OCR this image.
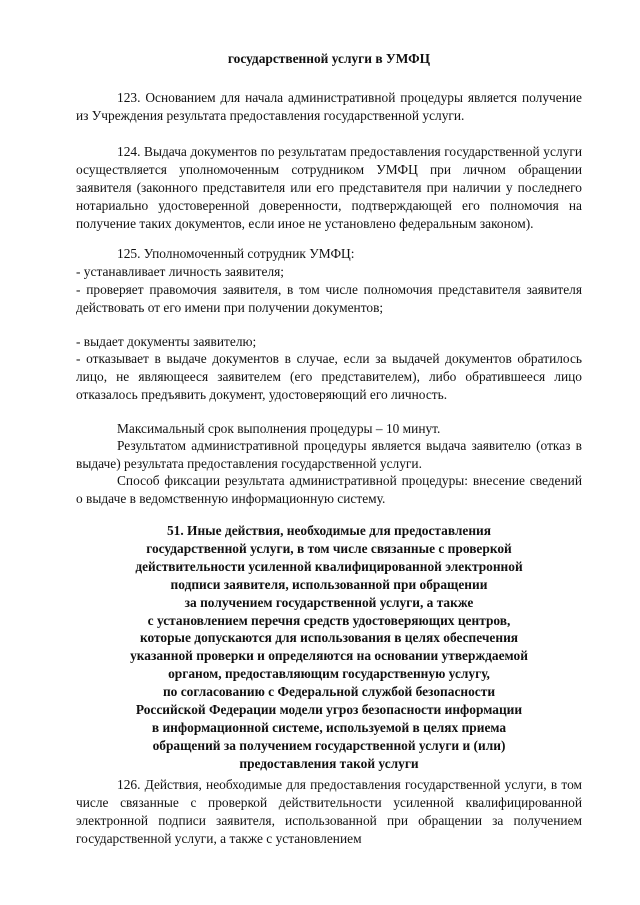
государственной услуги в УМФЦ

123. Основанием для начала административной процедуры является получение из Учреждения результата предоставления государственной услуги.

124. Выдача документов по результатам предоставления государственной услуги осуществляется уполномоченным сотрудником УМФЦ при личном обращении заявителя (законного представителя или его представителя при наличии у последнего нотариально удостоверенной доверенности, подтверждающей его полномочия на получение таких документов, если иное не установлено федеральным законом).

125. Уполномоченный сотрудник УМФЦ:

- устанавливает личность заявителя;

- проверяет правомочия заявителя, в том числе полномочия представителя заявителя действовать от его имени при получении документов;

- выдает документы заявителю;

- отказывает в выдаче документов в случае, если за выдачей документов обратилось лицо, не являющееся заявителем (его представителем), либо обратившееся лицо отказалось предъявить документ, удостоверяющий его личность.

Максимальный срок выполнения процедуры – 10 минут.

Результатом административной процедуры является выдача заявителю (отказ в выдаче) результата предоставления государственной услуги.

Способ фиксации результата административной процедуры: внесение сведений о выдаче в ведомственную информационную систему.

51. Иные действия, необходимые для предоставления
государственной услуги, в том числе связанные с проверкой
действительности усиленной квалифицированной электронной
подписи заявителя, использованной при обращении
за получением государственной услуги, а также
с установлением перечня средств удостоверяющих центров,
которые допускаются для использования в целях обеспечения
указанной проверки и определяются на основании утверждаемой
органом, предоставляющим государственную услугу,
по согласованию с Федеральной службой безопасности
Российской Федерации модели угроз безопасности информации
в информационной системе, используемой в целях приема
обращений за получением государственной услуги и (или)
предоставления такой услуги

126. Действия, необходимые для предоставления государственной услуги, в том числе связанные с проверкой действительности усиленной квалифицированной электронной подписи заявителя, использованной при обращении за получением государственной услуги, а также с установлением
